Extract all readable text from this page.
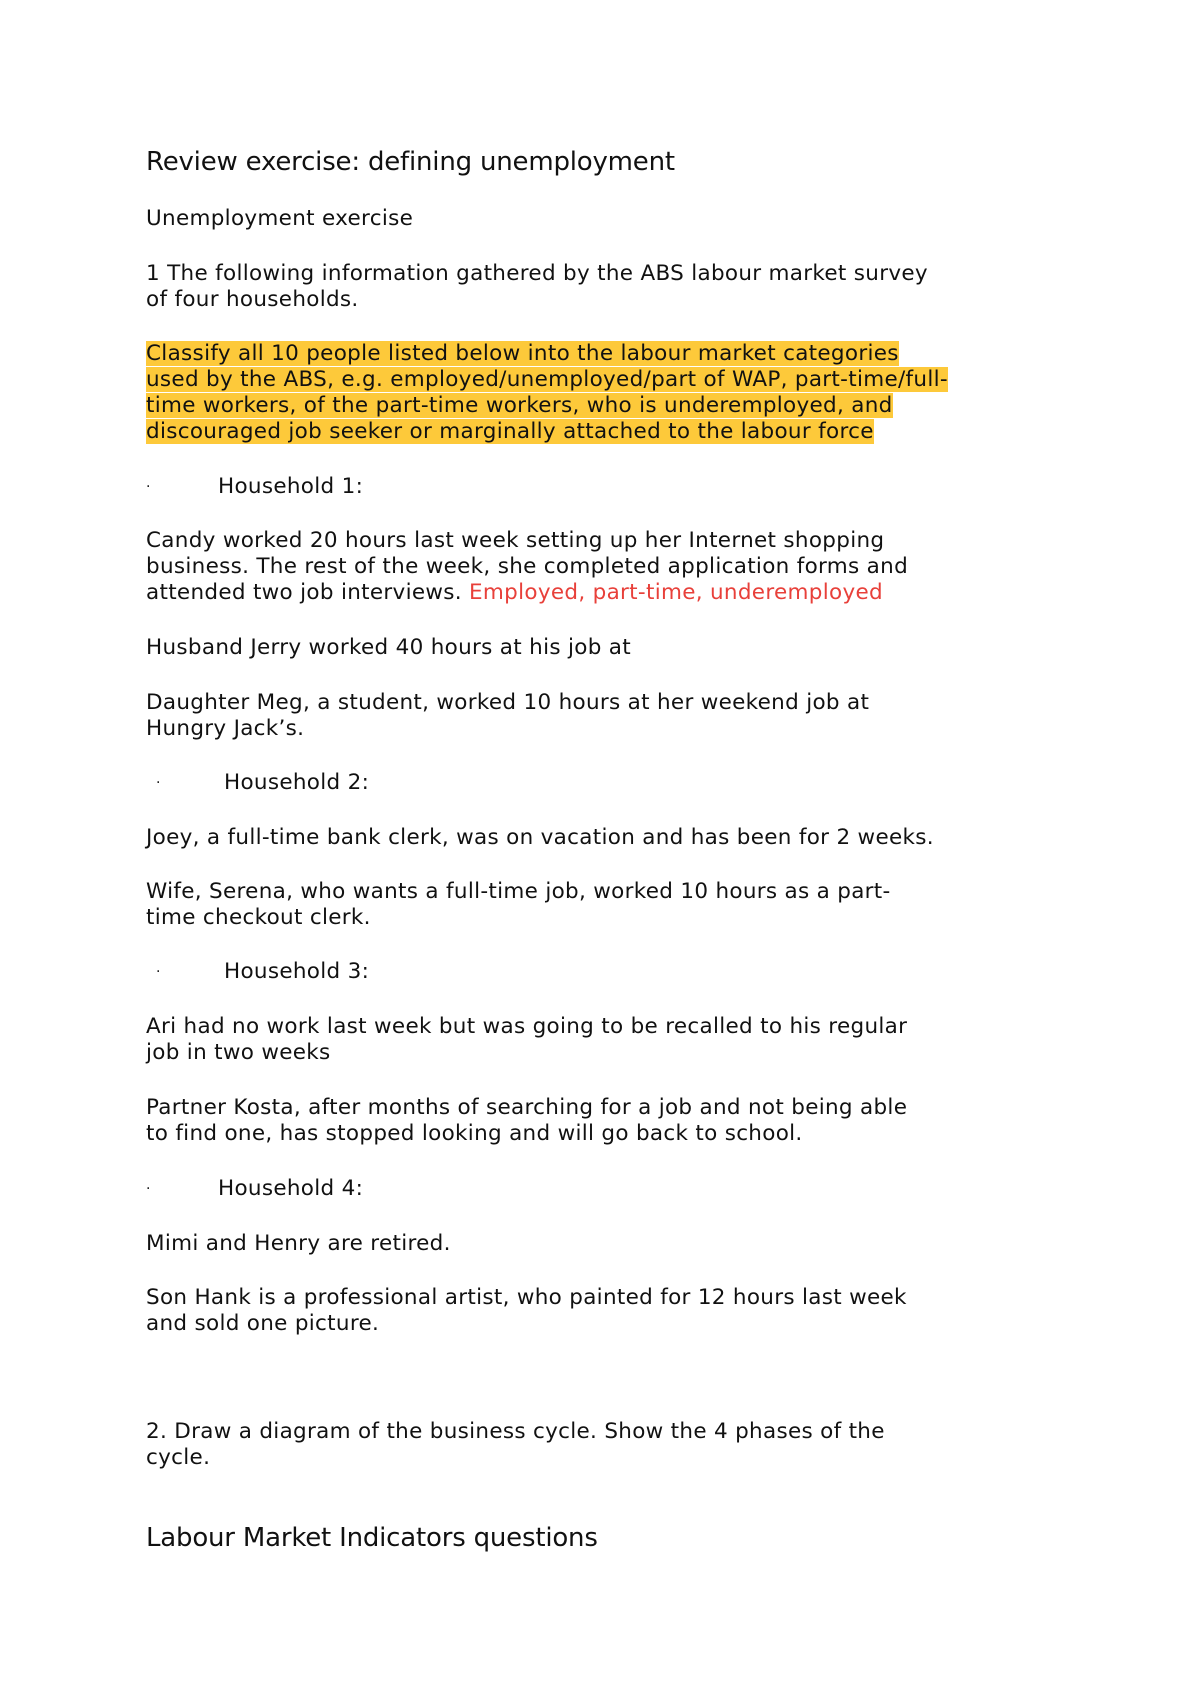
Review exercise: defining unemployment
Unemployment exercise
1 The following information gathered by the ABS labour market survey
of four households.
Classify all 10 people listed below into the labour market categories
used by the ABS, e.g. employed/unemployed/part of WAP, part-time/full-
time workers, of the part-time workers, who is underemployed, and
discouraged job seeker or marginally attached to the labour force
·	Household 1:
Candy worked 20 hours last week setting up her Internet shopping
business. The rest of the week, she completed application forms and
attended two job interviews. Employed, part-time, underemployed
Husband Jerry worked 40 hours at his job at
Daughter Meg, a student, worked 10 hours at her weekend job at
Hungry Jack’s.
·	Household 2:
Joey, a full-time bank clerk, was on vacation and has been for 2 weeks.
Wife, Serena, who wants a full-time job, worked 10 hours as a part-
time checkout clerk.
·	Household 3:
Ari had no work last week but was going to be recalled to his regular
job in two weeks
Partner Kosta, after months of searching for a job and not being able
to find one, has stopped looking and will go back to school.
·	Household 4:
Mimi and Henry are retired.
Son Hank is a professional artist, who painted for 12 hours last week
and sold one picture.
2. Draw a diagram of the business cycle. Show the 4 phases of the
cycle.
Labour Market Indicators questions
